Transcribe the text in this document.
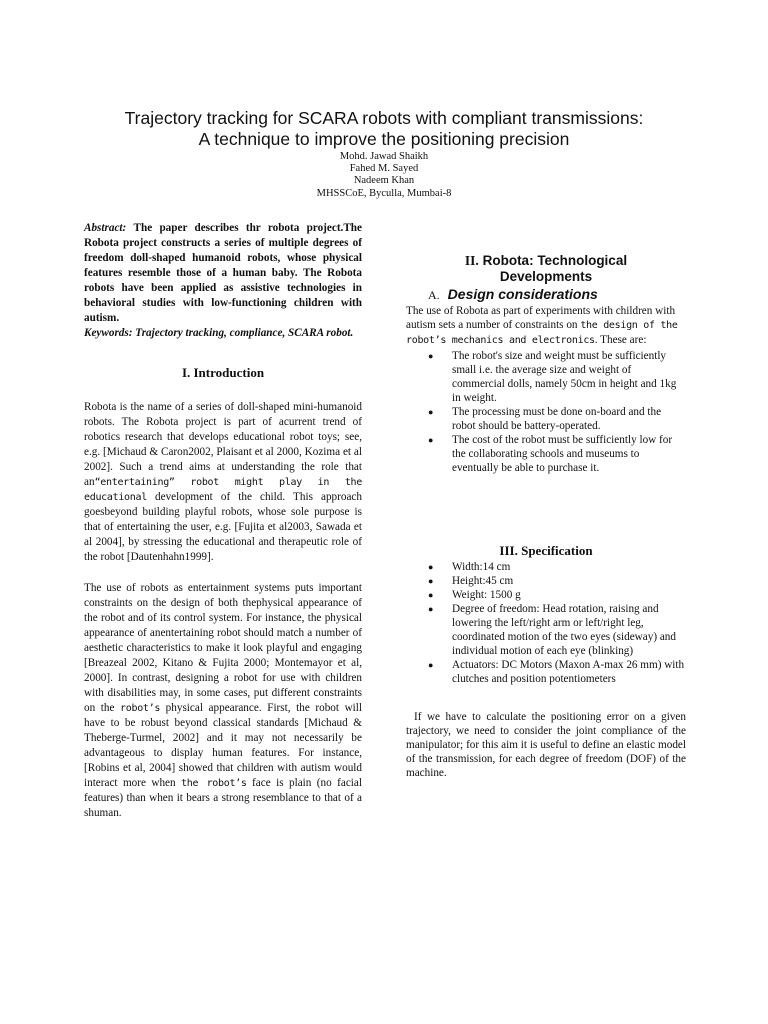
Trajectory tracking for SCARA robots with compliant transmissions:
A technique to improve the positioning precision
Mohd. Jawad Shaikh
Fahed M. Sayed
Nadeem Khan
MHSSCoE, Byculla, Mumbai-8

Abstract: The paper describes thr robota project.The Robota project constructs a series of multiple degrees of freedom doll-shaped humanoid robots, whose physical features resemble those of a human baby. The Robota robots have been applied as assistive technologies in behavioral studies with low-functioning children with autism.

Keywords: Trajectory tracking, compliance, SCARA robot.

I. Introduction

Robota is the name of a series of doll-shaped mini-humanoid robots. The Robota project is part of acurrent trend of robotics research that develops educational robot toys; see, e.g. [Michaud & Caron2002, Plaisant et al 2000, Kozima et al 2002]. Such a trend aims at understanding the role that an“entertaining” robot might play in the educational development of the child. This approach goesbeyond building playful robots, whose sole purpose is that of entertaining the user, e.g. [Fujita et al2003, Sawada et al 2004], by stressing the educational and therapeutic role of the robot [Dautenhahn1999].

The use of robots as entertainment systems puts important constraints on the design of both thephysical appearance of the robot and of its control system. For instance, the physical appearance of anentertaining robot should match a number of aesthetic characteristics to make it look playful and engaging [Breazeal 2002, Kitano & Fujita 2000; Montemayor et al, 2000]. In contrast, designing a robot for use with children with disabilities may, in some cases, put different constraints on the robot’s physical appearance. First, the robot will have to be robust beyond classical standards [Michaud & Theberge-Turmel, 2002] and it may not necessarily be advantageous to display human features. For instance, [Robins et al, 2004] showed that children with autism would interact more when the robot’s face is plain (no facial features) than when it bears a strong resemblance to that of a shuman.

II. Robota: Technological
Developments
A. Design considerations

The use of Robota as part of experiments with children with autism sets a number of constraints on the design of the robot’s mechanics and electronics. These are:

● The robot's size and weight must be sufficiently small i.e. the average size and weight of commercial dolls, namely 50cm in height and 1kg in weight.
● The processing must be done on-board and the robot should be battery-operated.
● The cost of the robot must be sufficiently low for the collaborating schools and museums to eventually be able to purchase it.
III. Specification
● Width:14 cm
● Height:45 cm
● Weight: 1500 g
● Degree of freedom: Head rotation, raising and lowering the left/right arm or left/right leg, coordinated motion of the two eyes (sideway) and individual motion of each eye (blinking)
● Actuators: DC Motors (Maxon A-max 26 mm) with clutches and position potentiometers

If we have to calculate the positioning error on a given trajectory, we need to consider the joint compliance of the manipulator; for this aim it is useful to define an elastic model of the transmission, for each degree of freedom (DOF) of the machine.
